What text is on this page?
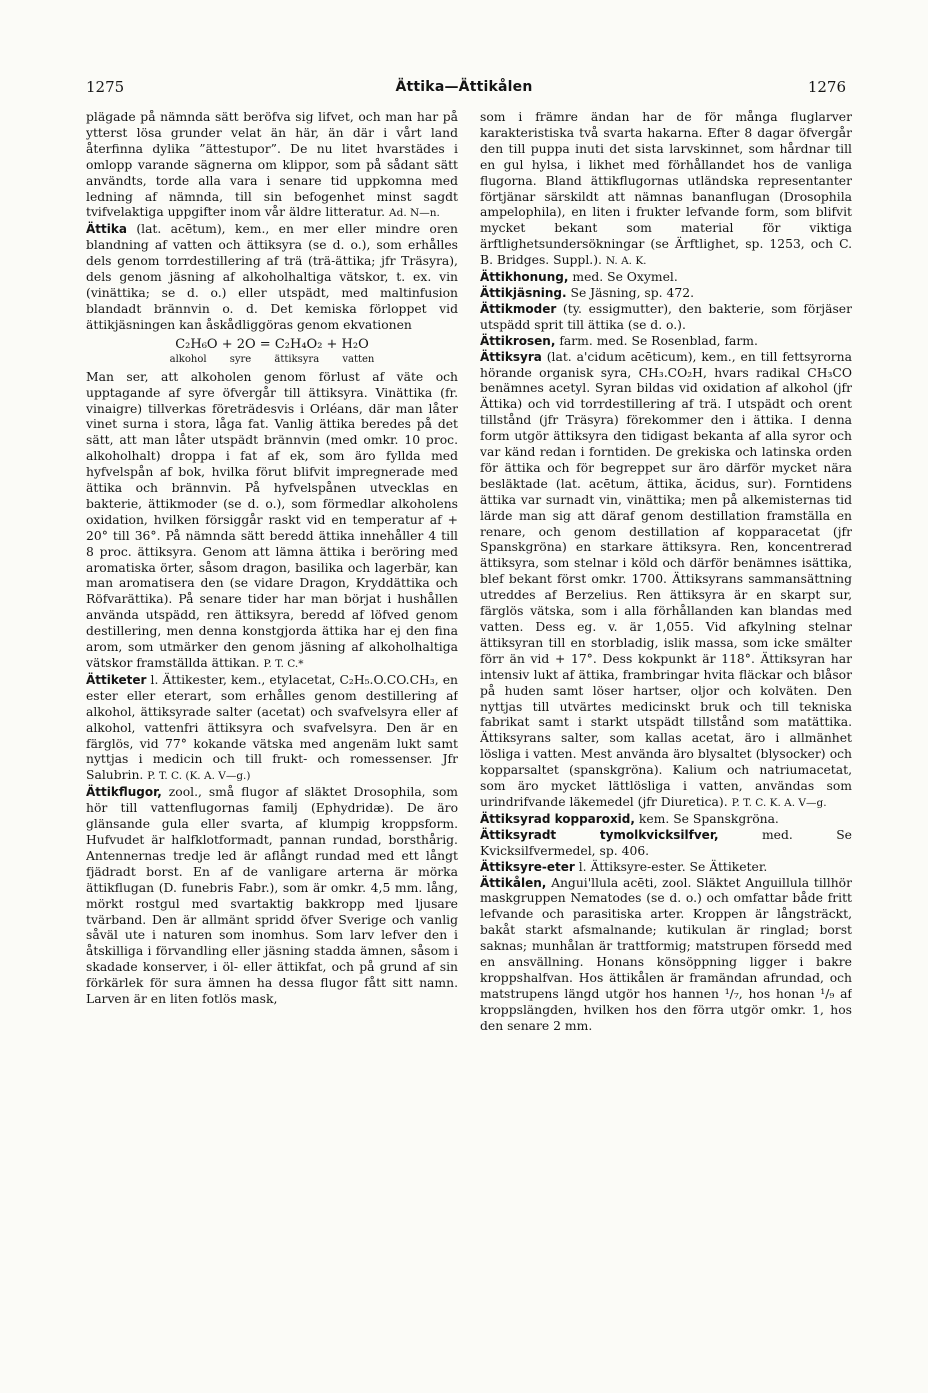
1275	Ättika—Ättikålen	1276

plägade på nämnda sätt beröfva sig lifvet, och man har på ytterst lösa grunder velat än här, än där i vårt land återfinna dylika ”ättestupor”. De nu litet hvarstädes i omlopp varande sägnerna om klippor, som på sådant sätt användts, torde alla vara i senare tid uppkomna med ledning af nämnda, till sin befogenhet minst sagdt tvifvelaktiga uppgifter inom vår äldre litteratur. Ad. N—n.

Ättika (lat. acētum), kem., en mer eller mindre oren blandning af vatten och ättiksyra (se d. o.), som erhålles dels genom torrdestillering af trä (trä-ättika; jfr Träsyra), dels genom jäsning af alkoholhaltiga vätskor, t. ex. vin (vinättika; se d. o.) eller utspädt, med maltinfusion blandadt brännvin o. d. Det kemiska förloppet vid ättikjäsningen kan åskådliggöras genom ekvationen

C₂H₆O + 2O = C₂H₄O₂ + H₂O
alkohol syre ättiksyra vatten

Man ser, att alkoholen genom förlust af väte och upptagande af syre öfvergår till ättiksyra. Vinättika (fr. vinaigre) tillverkas företrädesvis i Orléans, där man låter vinet surna i stora, låga fat. Vanlig ättika beredes på det sätt, att man låter utspädt brännvin (med omkr. 10 proc. alkoholhalt) droppa i fat af ek, som äro fyllda med hyfvelspån af bok, hvilka förut blifvit impregnerade med ättika och brännvin. På hyfvelspånen utvecklas en bakterie, ättikmoder (se d. o.), som förmedlar alkoholens oxidation, hvilken försiggår raskt vid en temperatur af + 20° till 36°. På nämnda sätt beredd ättika innehåller 4 till 8 proc. ättiksyra. Genom att lämna ättika i beröring med aromatiska örter, såsom dragon, basilika och lagerbär, kan man aromatisera den (se vidare Dragon, Kryddättika och Röfvarättika). På senare tider har man börjat i hushållen använda utspädd, ren ättiksyra, beredd af löfved genom destillering, men denna konstgjorda ättika har ej den fina arom, som utmärker den genom jäsning af alkoholhaltiga vätskor framställda ättikan. P. T. C.*

Ättiketer l. Ättikester, kem., etylacetat, C₂H₅.O.CO.CH₃, en ester eller eterart, som erhålles genom destillering af alkohol, ättiksyrade salter (acetat) och svafvelsyra eller af alkohol, vattenfri ättiksyra och svafvelsyra. Den är en färglös, vid 77° kokande vätska med angenäm lukt samt nyttjas i medicin och till frukt- och romessenser. Jfr Salubrin. P. T. C. (K. A. V—g.)

Ättikflugor, zool., små flugor af släktet Drosophila, som hör till vattenflugornas familj (Ephydridæ). De äro glänsande gula eller svarta, af klumpig kroppsform. Hufvudet är halfklotformadt, pannan rundad, borsthårig. Antennernas tredje led är aflångt rundad med ett långt fjädradt borst. En af de vanligare arterna är mörka ättikflugan (D. funebris Fabr.), som är omkr. 4,5 mm. lång, mörkt rostgul med svartaktig bakkropp med ljusare tvärband. Den är allmänt spridd öfver Sverige och vanlig såväl ute i naturen som inomhus. Som larv lefver den i åtskilliga i förvandling eller jäsning stadda ämnen, såsom i skadade konserver, i öl- eller ättikfat, och på grund af sin förkärlek för sura ämnen ha dessa flugor fått sitt namn. Larven är en liten fotlös mask,

som i främre ändan har de för många fluglarver karakteristiska två svarta hakarna. Efter 8 dagar öfvergår den till puppa inuti det sista larvskinnet, som hårdnar till en gul hylsa, i likhet med förhållandet hos de vanliga flugorna. Bland ättikflugornas utländska representanter förtjänar särskildt att nämnas bananflugan (Drosophila ampelophila), en liten i frukter lefvande form, som blifvit mycket bekant som material för viktiga ärftlighetsundersökningar (se Ärftlighet, sp. 1253, och C. B. Bridges. Suppl.). N. A. K.

Ättikhonung, med. Se Oxymel.

Ättikjäsning. Se Jäsning, sp. 472.

Ättikmoder (ty. essigmutter), den bakterie, som förjäser utspädd sprit till ättika (se d. o.).

Ättikrosen, farm. med. Se Rosenblad, farm.

Ättiksyra (lat. a'cidum acēticum), kem., en till fettsyrorna hörande organisk syra, CH₃.CO₂H, hvars radikal CH₃CO benämnes acetyl. Syran bildas vid oxidation af alkohol (jfr Ättika) och vid torrdestillering af trä. I utspädt och orent tillstånd (jfr Träsyra) förekommer den i ättika. I denna form utgör ättiksyra den tidigast bekanta af alla syror och var känd redan i forntiden. De grekiska och latinska orden för ättika och för begreppet sur äro därför mycket nära besläktade (lat. acētum, ättika, ăcidus, sur). Forntidens ättika var surnadt vin, vinättika; men på alkemisternas tid lärde man sig att däraf genom destillation framställa en renare, och genom destillation af kopparacetat (jfr Spanskgröna) en starkare ättiksyra. Ren, koncentrerad ättiksyra, som stelnar i köld och därför benämnes isättika, blef bekant först omkr. 1700. Ättiksyrans sammansättning utreddes af Berzelius. Ren ättiksyra är en skarpt sur, färglös vätska, som i alla förhållanden kan blandas med vatten. Dess eg. v. är 1,055. Vid afkylning stelnar ättiksyran till en storbladig, islik massa, som icke smälter förr än vid + 17°. Dess kokpunkt är 118°. Ättiksyran har intensiv lukt af ättika, frambringar hvita fläckar och blåsor på huden samt löser hartser, oljor och kolväten. Den nyttjas till utvärtes medicinskt bruk och till tekniska fabrikat samt i starkt utspädt tillstånd som matättika. Ättiksyrans salter, som kallas acetat, äro i allmänhet lösliga i vatten. Mest använda äro blysaltet (blysocker) och kopparsaltet (spanskgröna). Kalium och natriumacetat, som äro mycket lättlösliga i vatten, användas som urindrifvande läkemedel (jfr Diuretica). P. T. C. K. A. V—g.

Ättiksyrad kopparoxid, kem. Se Spanskgröna.

Ättiksyradt tymolkvicksilfver,	med. Se Kvicksilfvermedel, sp. 406.

Ättiksyre-eter l. Ättiksyre-ester. Se Ättiketer.

Ättikålen, Angui'llula acēti, zool. Släktet Anguillula tillhör maskgruppen Nematodes (se d. o.) och omfattar både fritt lefvande och parasitiska arter. Kroppen är långsträckt, bakåt starkt afsmalnande; kutikulan är ringlad; borst saknas; munhålan är trattformig; matstrupen försedd med en ansvällning. Honans könsöppning ligger i bakre kroppshalfvan. Hos ättikålen är framändan afrundad, och matstrupens längd utgör hos hannen ¹/₇, hos honan ¹/₉ af kroppslängden, hvilken hos den förra utgör omkr. 1, hos den senare 2 mm.
